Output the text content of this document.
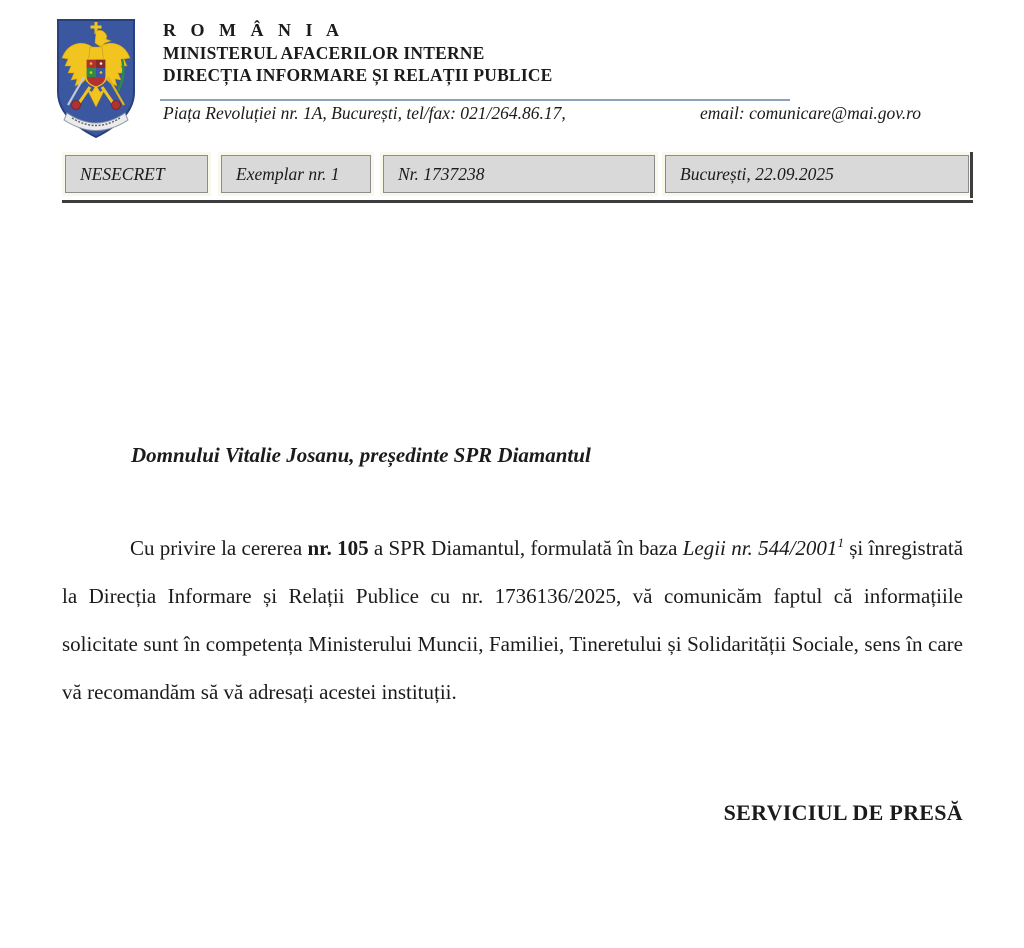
R O M Â N I A
MINISTERUL AFACERILOR INTERNE
DIRECȚIA INFORMARE ȘI RELAȚII PUBLICE
Piața Revoluției nr. 1A, București, tel/fax: 021/264.86.17,	email: comunicare@mai.gov.ro
NESECRET	Exemplar nr. 1	Nr. 1737238	București, 22.09.2025
Domnului Vitalie Josanu, președinte SPR Diamantul
Cu privire la cererea nr. 105 a SPR Diamantul, formulată în baza Legii nr. 544/2001$^1$ și înregistrată la Direcția Informare și Relații Publice cu nr. 1736136/2025, vă comunicăm faptul că informațiile solicitate sunt în competența Ministerului Muncii, Familiei, Tineretului și Solidarității Sociale, sens în care vă recomandăm să vă adresați acestei instituții.
SERVICIUL DE PRESĂ
